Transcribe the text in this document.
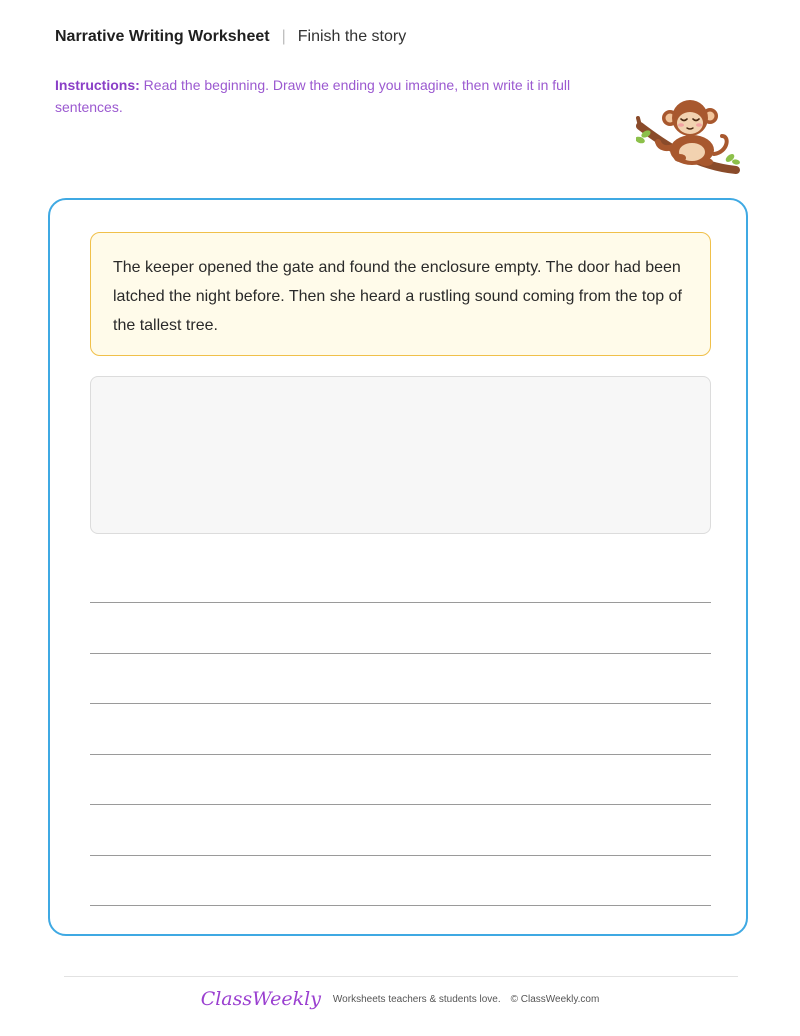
Narrative Writing Worksheet | Finish the story
Instructions: Read the beginning. Draw the ending you imagine, then write it in full sentences.
The keeper opened the gate and found the enclosure empty. The door had been latched the night before. Then she heard a rustling sound coming from the top of the tallest tree.
ClassWeekly Worksheets teachers & students love. © ClassWeekly.com
